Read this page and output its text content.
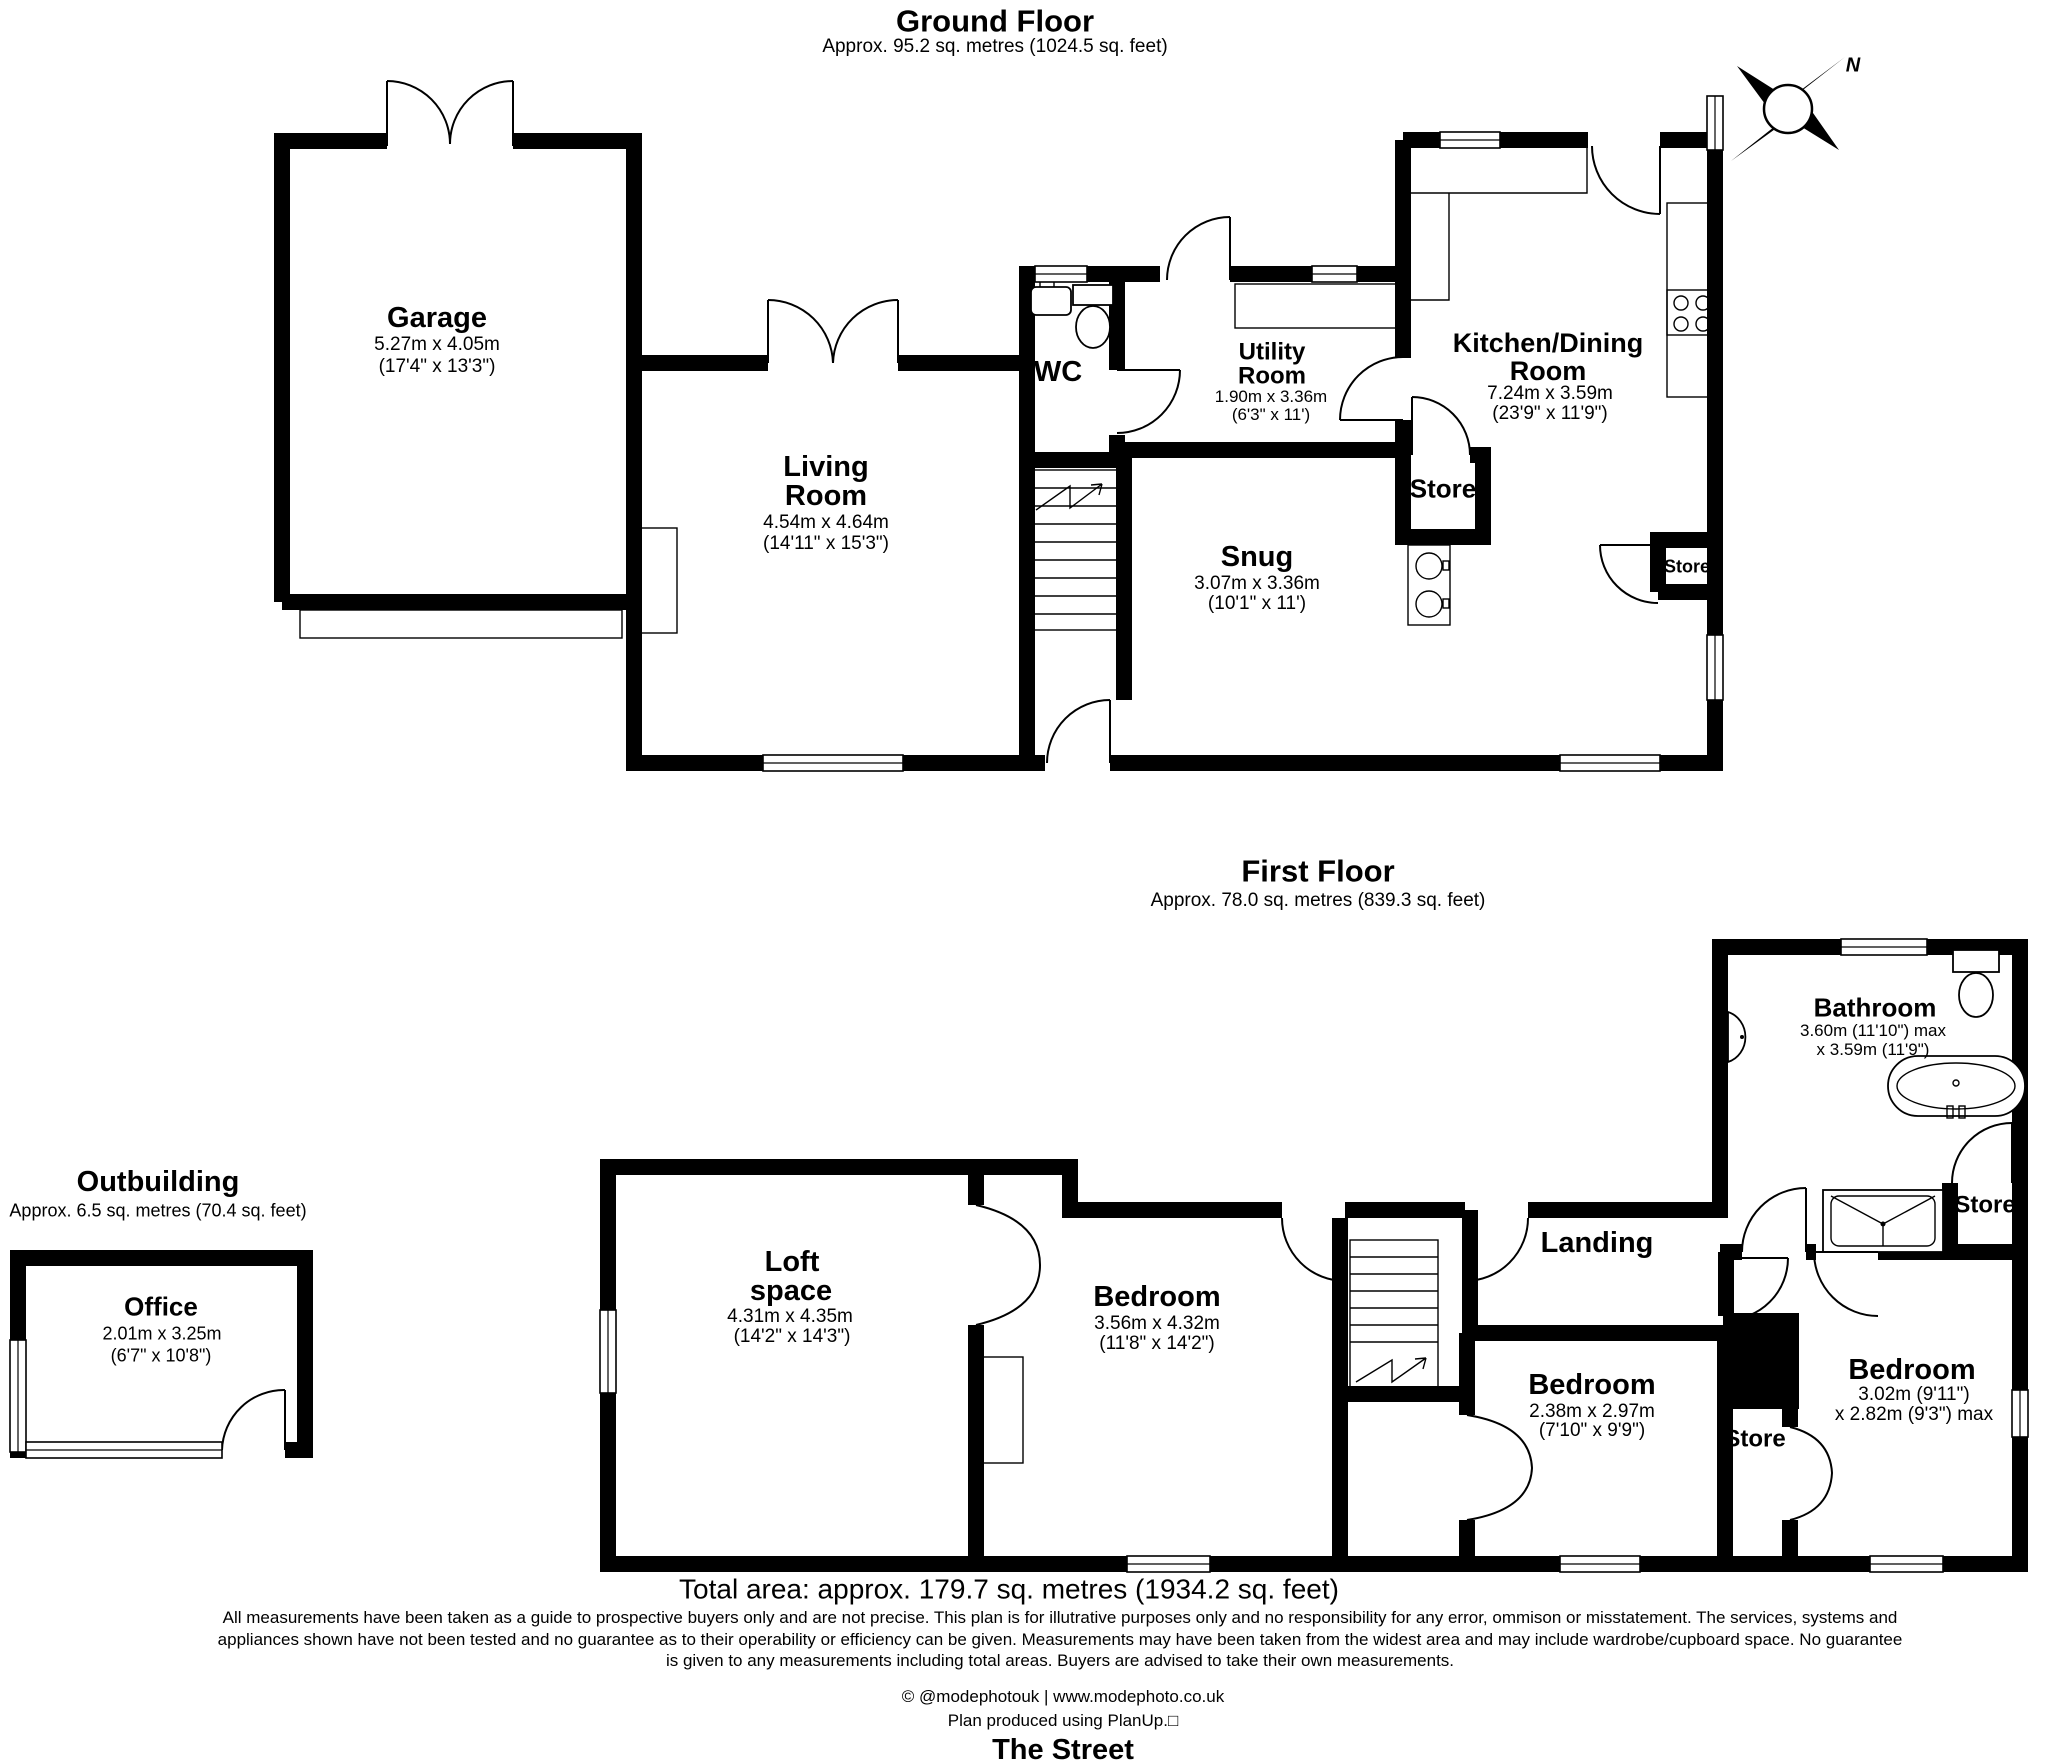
Ground Floor
Approx. 95.2 sq. metres (1024.5 sq. feet)
Garage
5.27m x 4.05m
(17'4" x 13'3")
Living
Room
4.54m x 4.64m
(14'11" x 15'3")
WC
Utility
Room
1.90m x 3.36m
(6'3" x 11')
Kitchen/Dining
Room
7.24m x 3.59m
(23'9" x 11'9")
Snug
3.07m x 3.36m
(10'1" x 11')
Store
Store
N
First Floor
Approx. 78.0 sq. metres (839.3 sq. feet)
Outbuilding
Approx. 6.5 sq. metres (70.4 sq. feet)
Office
2.01m x 3.25m
(6'7" x 10'8")
Loft
space
4.31m x 4.35m
(14'2" x 14'3")
Bedroom
3.56m x 4.32m
(11'8" x 14'2")
Landing
Bathroom
3.60m (11'10") max
x 3.59m (11'9")
Store
Bedroom
2.38m x 2.97m
(7'10" x 9'9")	Store
Bedroom
3.02m (9'11")
x 2.82m (9'3") max
Total area: approx. 179.7 sq. metres (1934.2 sq. feet)
All measurements have been taken as a guide to prospective buyers only and are not precise. This plan is for illutrative purposes only and no responsibility for any error, ommison or misstatement. The services, systems and
appliances shown have not been tested and no guarantee as to their operability or efficiency can be given. Measurements may have been taken from the widest area and may include wardrobe/cupboard space. No guarantee
is given to any measurements including total areas. Buyers are advised to take their own measurements.
© @modephotouk | www.modephoto.co.uk
Plan produced using PlanUp.□
The Street
